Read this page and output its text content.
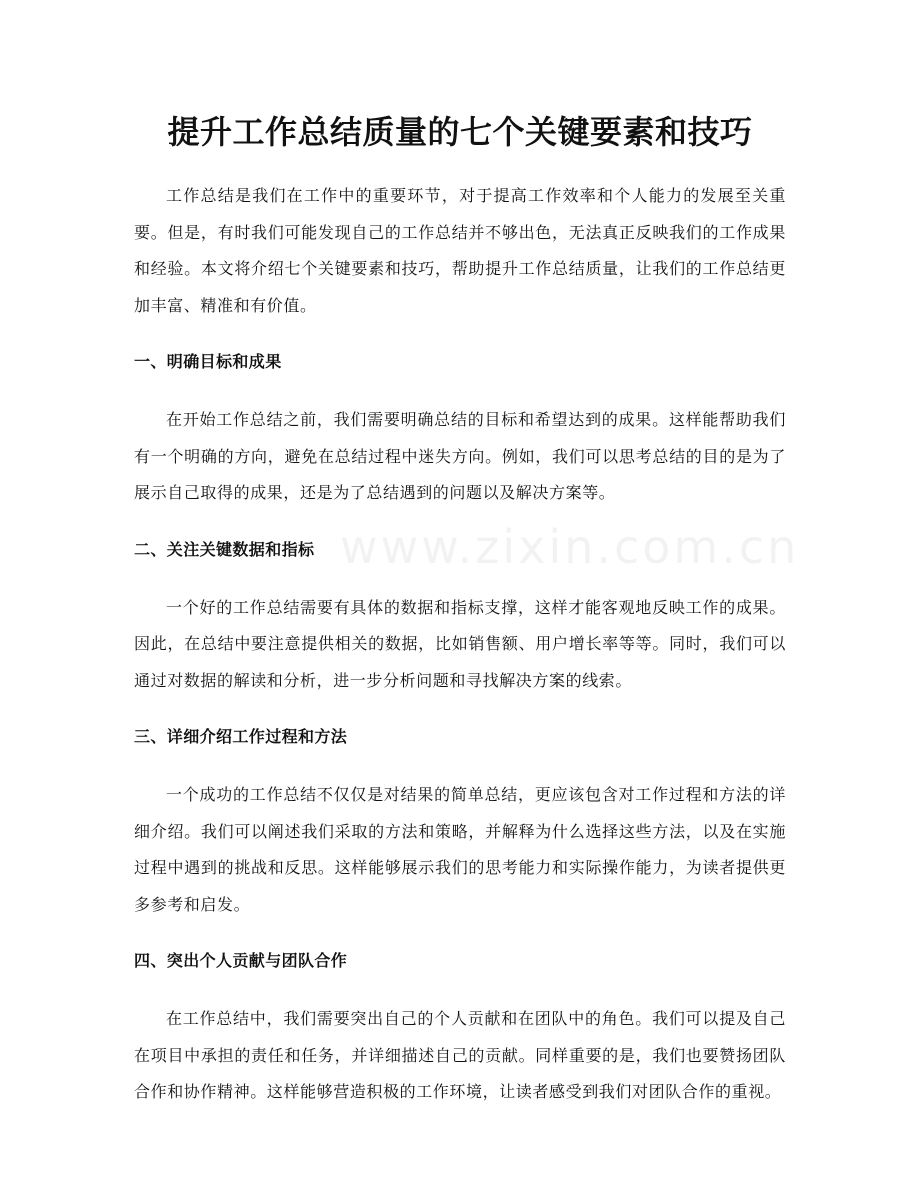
提升工作总结质量的七个关键要素和技巧
www.zixin.com.cn

工作总结是我们在工作中的重要环节，对于提高工作效率和个人能力的发展至关重要。但是，有时我们可能发现自己的工作总结并不够出色，无法真正反映我们的工作成果和经验。本文将介绍七个关键要素和技巧，帮助提升工作总结质量，让我们的工作总结更加丰富、精准和有价值。

一、明确目标和成果

在开始工作总结之前，我们需要明确总结的目标和希望达到的成果。这样能帮助我们有一个明确的方向，避免在总结过程中迷失方向。例如，我们可以思考总结的目的是为了展示自己取得的成果，还是为了总结遇到的问题以及解决方案等。

二、关注关键数据和指标

一个好的工作总结需要有具体的数据和指标支撑，这样才能客观地反映工作的成果。因此，在总结中要注意提供相关的数据，比如销售额、用户增长率等等。同时，我们可以通过对数据的解读和分析，进一步分析问题和寻找解决方案的线索。

三、详细介绍工作过程和方法

一个成功的工作总结不仅仅是对结果的简单总结，更应该包含对工作过程和方法的详细介绍。我们可以阐述我们采取的方法和策略，并解释为什么选择这些方法，以及在实施过程中遇到的挑战和反思。这样能够展示我们的思考能力和实际操作能力，为读者提供更多参考和启发。

四、突出个人贡献与团队合作

在工作总结中，我们需要突出自己的个人贡献和在团队中的角色。我们可以提及自己在项目中承担的责任和任务，并详细描述自己的贡献。同样重要的是，我们也要赞扬团队合作和协作精神。这样能够营造积极的工作环境，让读者感受到我们对团队合作的重视。
